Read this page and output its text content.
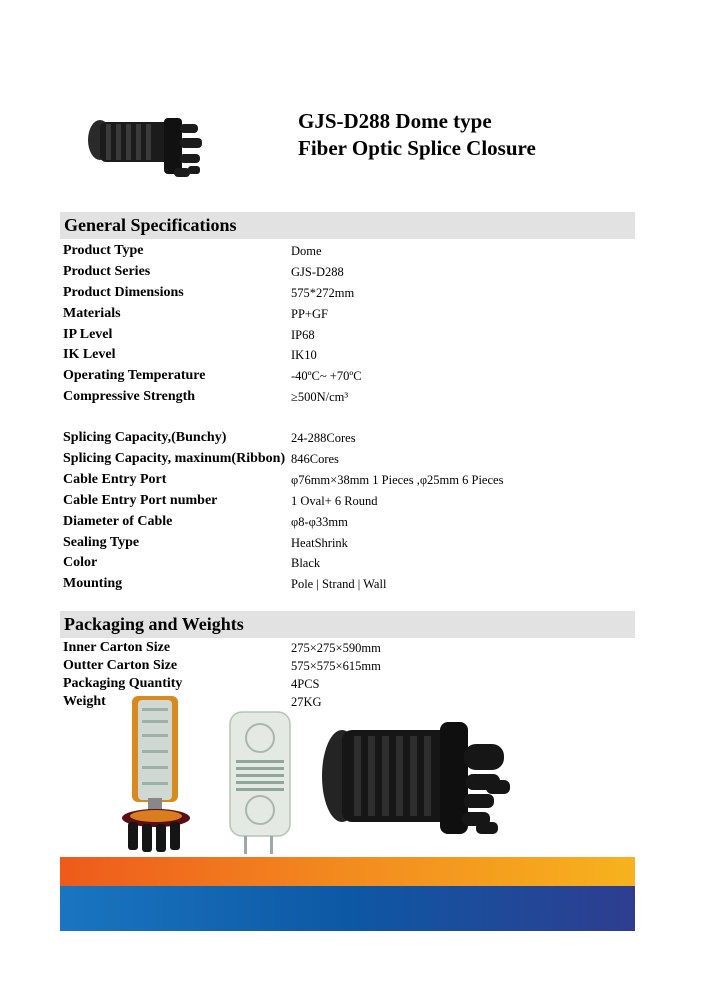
GJS-D288 Dome type
Fiber Optic Splice Closure
General Specifications
Product Type	Dome
Product Series	GJS-D288
Product Dimensions	575*272mm
Materials	PP+GF
IP Level	IP68
IK Level	IK10
Operating Temperature	-40ºC~ +70ºC
Compressive Strength	≥500N/cm³
Splicing Capacity,(Bunchy)	24-288Cores
Splicing Capacity, maxinum(Ribbon) 846Cores
Cable Entry Port	φ76mm×38mm 1 Pieces ,φ25mm 6 Pieces
Cable Entry Port number	1 Oval+ 6 Round
Diameter of Cable	φ8-φ33mm
Sealing Type	HeatShrink
Color	Black
Mounting	Pole | Strand | Wall
Packaging and Weights
Inner Carton Size	275×275×590mm
Outter Carton Size	575×575×615mm
Packaging Quantity	4PCS
Weight	27KG
